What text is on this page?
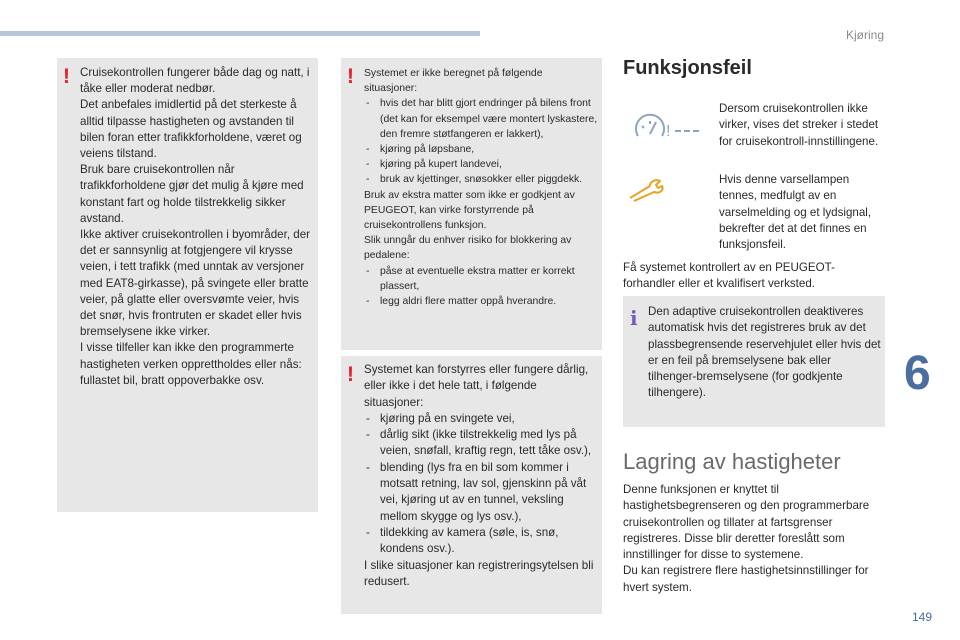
Kjøring
! Cruisekontrollen fungerer både dag og natt, i tåke eller moderat nedbør.
Det anbefales imidlertid på det sterkeste å alltid tilpasse hastigheten og avstanden til bilen foran etter trafikkforholdene, været og veiens tilstand.
Bruk bare cruisekontrollen når trafikkforholdene gjør det mulig å kjøre med konstant fart og holde tilstrekkelig sikker avstand.
Ikke aktiver cruisekontrollen i byområder, der det er sannsynlig at fotgjengere vil krysse veien, i tett trafikk (med unntak av versjoner med EAT8-girkasse), på svingete eller bratte veier, på glatte eller oversvømte veier, hvis det snør, hvis frontruten er skadet eller hvis bremselysene ikke virker.
I visse tilfeller kan ikke den programmerte hastigheten verken opprettholdes eller nås: fullastet bil, bratt oppoverbakke osv.
! Systemet er ikke beregnet på følgende situasjoner:
- hvis det har blitt gjort endringer på bilens front (det kan for eksempel være montert lyskastere, den fremre støtfangeren er lakkert),
- kjøring på løpsbane,
- kjøring på kupert landevei,
- bruk av kjettinger, snøsokker eller piggdekk.
Bruk av ekstra matter som ikke er godkjent av PEUGEOT, kan virke forstyrrende på cruisekontrollens funksjon.
Slik unngår du enhver risiko for blokkering av pedalene:
- påse at eventuelle ekstra matter er korrekt plassert,
- legg aldri flere matter oppå hverandre.
! Systemet kan forstyrres eller fungere dårlig, eller ikke i det hele tatt, i følgende situasjoner:
- kjøring på en svingete vei,
- dårlig sikt (ikke tilstrekkelig med lys på veien, snøfall, kraftig regn, tett tåke osv.),
- blending (lys fra en bil som kommer i motsatt retning, lav sol, gjenskinn på våt vei, kjøring ut av en tunnel, veksling mellom skygge og lys osv.),
- tildekking av kamera (søle, is, snø, kondens osv.).
I slike situasjoner kan registreringsytelsen bli redusert.
Funksjonsfeil
!
Dersom cruisekontrollen ikke virker, vises det streker i stedet for cruisekontroll-innstillingene.
Hvis denne varsellampen tennes, medfulgt av en varselmelding og et lydsignal, bekrefter det at det finnes en funksjonsfeil.
Få systemet kontrollert av en PEUGEOT-forhandler eller et kvalifisert verksted.
i Den adaptive cruisekontrollen deaktiveres automatisk hvis det registreres bruk av det plassbegrensende reservehjulet eller hvis det er en feil på bremselysene bak eller tilhenger-bremselysene (for godkjente tilhengere).
Lagring av hastigheter
Denne funksjonen er knyttet til hastighetsbegrenseren og den programmerbare cruisekontrollen og tillater at fartsgrenser registreres. Disse blir deretter foreslått som innstillinger for disse to systemene.
Du kan registrere flere hastighetsinnstillinger for hvert system.
6
149
